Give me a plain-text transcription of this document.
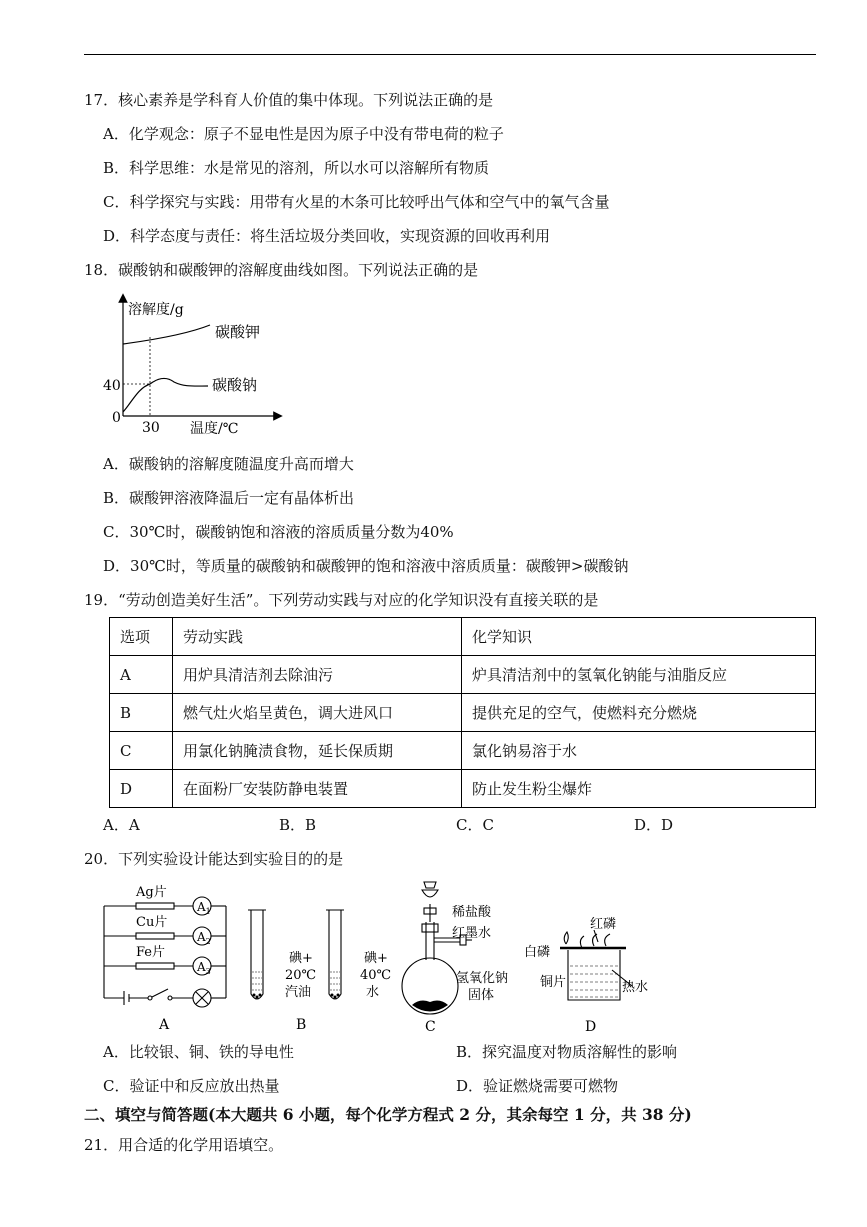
17．核心素养是学科育人价值的集中体现。下列说法正确的是
A．化学观念：原子不显电性是因为原子中没有带电荷的粒子
B．科学思维：水是常见的溶剂，所以水可以溶解所有物质
C．科学探究与实践：用带有火星的木条可比较呼出气体和空气中的氧气含量
D．科学态度与责任：将生活垃圾分类回收，实现资源的回收再利用
18．碳酸钠和碳酸钾的溶解度曲线如图。下列说法正确的是
溶解度/g
温度/℃
0
40
30
碳酸钾
碳酸钠
A．碳酸钠的溶解度随温度升高而增大
B．碳酸钾溶液降温后一定有晶体析出
C．30℃时，碳酸钠饱和溶液的溶质质量分数为40%
D．30℃时，等质量的碳酸钠和碳酸钾的饱和溶液中溶质质量：碳酸钾>碳酸钠
19．“劳动创造美好生活”。下列劳动实践与对应的化学知识没有直接关联的是
选项	劳动实践	化学知识
A	用炉具清洁剂去除油污	炉具清洁剂中的氢氧化钠能与油脂反应
B	燃气灶火焰呈黄色，调大进风口	提供充足的空气，使燃料充分燃烧
C	用氯化钠腌渍食物，延长保质期	氯化钠易溶于水
D	在面粉厂安装防静电装置	防止发生粉尘爆炸
A．A	B．B	C．C	D．D
20．下列实验设计能达到实验目的的是
Ag片
Cu片
Fe片
$A_1$
$A_2$
$A_3$
A
碘+
20℃
汽油
碘+
40℃
水
B
稀盐酸
红墨水
氢氧化钠
固体
C
红磷
白磷
铜片	热水
D
A．比较银、铜、铁的导电性	B．探究温度对物质溶解性的影响
C．验证中和反应放出热量	D．验证燃烧需要可燃物
二、填空与简答题(本大题共 6 小题，每个化学方程式 2 分，其余每空 1 分，共 38 分)
21．用合适的化学用语填空。
